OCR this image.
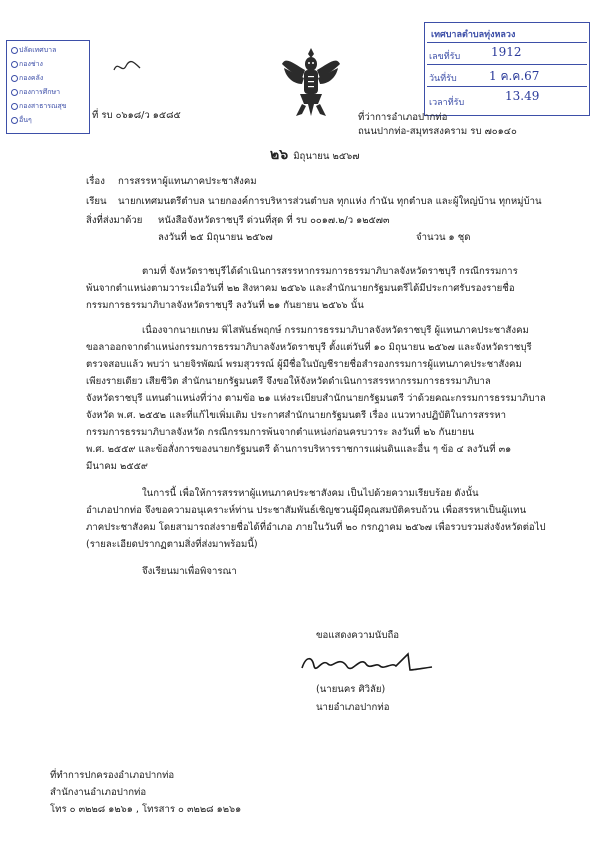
ปลัดเทศบาล
กองช่าง
กองคลัง
กองการศึกษา
กองสาธารณสุข
อื่นๆ	ที่ รบ ๐๖๑๘/ว ๑๕๘๕
เทศบาลตำบลทุ่งหลวง
เลขที่รับ	1912
วันที่รับ	1 ค.ค.67
เวลาที่รับ	13.49
ที่ว่าการอำเภอปากท่อ
ถนนปากท่อ-สมุทรสงคราม รบ ๗๐๑๔๐
๒๖ มิถุนายน ๒๕๖๗
เรื่อง การสรรหาผู้แทนภาคประชาสังคม
เรียน นายกเทศมนตรีตำบล นายกองค์การบริหารส่วนตำบล ทุกแห่ง กำนัน ทุกตำบล และผู้ใหญ่บ้าน ทุกหมู่บ้าน
สิ่งที่ส่งมาด้วย หนังสือจังหวัดราชบุรี ด่วนที่สุด ที่ รบ ๐๐๑๗.๒/ว ๑๒๕๗๓
ลงวันที่ ๒๕ มิถุนายน ๒๕๖๗	จำนวน ๑ ชุด
ตามที่ จังหวัดราชบุรีได้ดำเนินการสรรหากรรมการธรรมาภิบาลจังหวัดราชบุรี กรณีกรรมการ
พ้นจากตำแหน่งตามวาระเมื่อวันที่ ๒๒ สิงหาคม ๒๕๖๖ และสำนักนายกรัฐมนตรีได้มีประกาศรับรองรายชื่อ
กรรมการธรรมาภิบาลจังหวัดราชบุรี ลงวันที่ ๒๑ กันยายน ๒๕๖๖ นั้น
เนื่องจากนายเกษม พิไสพันธ์พฤกษ์ กรรมการธรรมาภิบาลจังหวัดราชบุรี ผู้แทนภาคประชาสังคม
ขอลาออกจากตำแหน่งกรรมการธรรมาภิบาลจังหวัดราชบุรี ตั้งแต่วันที่ ๑๐ มิถุนายน ๒๕๖๗ และจังหวัดราชบุรี
ตรวจสอบแล้ว พบว่า นายจิรพัฒน์ พรมสุวรรณ์ ผู้มีชื่อในบัญชีรายชื่อสำรองกรรมการผู้แทนภาคประชาสังคม
เพียงรายเดียว เสียชีวิต สำนักนายกรัฐมนตรี จึงขอให้จังหวัดดำเนินการสรรหากรรมการธรรมาภิบาล
จังหวัดราชบุรี แทนตำแหน่งที่ว่าง ตามข้อ ๒๑ แห่งระเบียบสำนักนายกรัฐมนตรี ว่าด้วยคณะกรรมการธรรมาภิบาล
จังหวัด พ.ศ. ๒๕๕๒ และที่แก้ไขเพิ่มเติม ประกาศสำนักนายกรัฐมนตรี เรื่อง แนวทางปฏิบัติในการสรรหา
กรรมการธรรมาภิบาลจังหวัด กรณีกรรมการพ้นจากตำแหน่งก่อนครบวาระ ลงวันที่ ๒๖ กันยายน
พ.ศ. ๒๕๕๙ และข้อสั่งการของนายกรัฐมนตรี ด้านการบริหารราชการแผ่นดินและอื่น ๆ ข้อ ๔ ลงวันที่ ๓๑
มีนาคม ๒๕๕๙
ในการนี้ เพื่อให้การสรรหาผู้แทนภาคประชาสังคม เป็นไปด้วยความเรียบร้อย ดังนั้น
อำเภอปากท่อ จึงขอความอนุเคราะห์ท่าน ประชาสัมพันธ์เชิญชวนผู้มีคุณสมบัติครบถ้วน เพื่อสรรหาเป็นผู้แทน
ภาคประชาสังคม โดยสามารถส่งรายชื่อได้ที่อำเภอ ภายในวันที่ ๒๐ กรกฎาคม ๒๕๖๗ เพื่อรวบรวมส่งจังหวัดต่อไป
(รายละเอียดปรากฏตามสิ่งที่ส่งมาพร้อมนี้)
จึงเรียนมาเพื่อพิจารณา
ขอแสดงความนับถือ
(นายนคร ศิวิลัย)
นายอำเภอปากท่อ
ที่ทำการปกครองอำเภอปากท่อ
สำนักงานอำเภอปากท่อ
โทร ๐ ๓๒๒๘ ๑๒๖๑ , โทรสาร ๐ ๓๒๒๘ ๑๒๖๑
